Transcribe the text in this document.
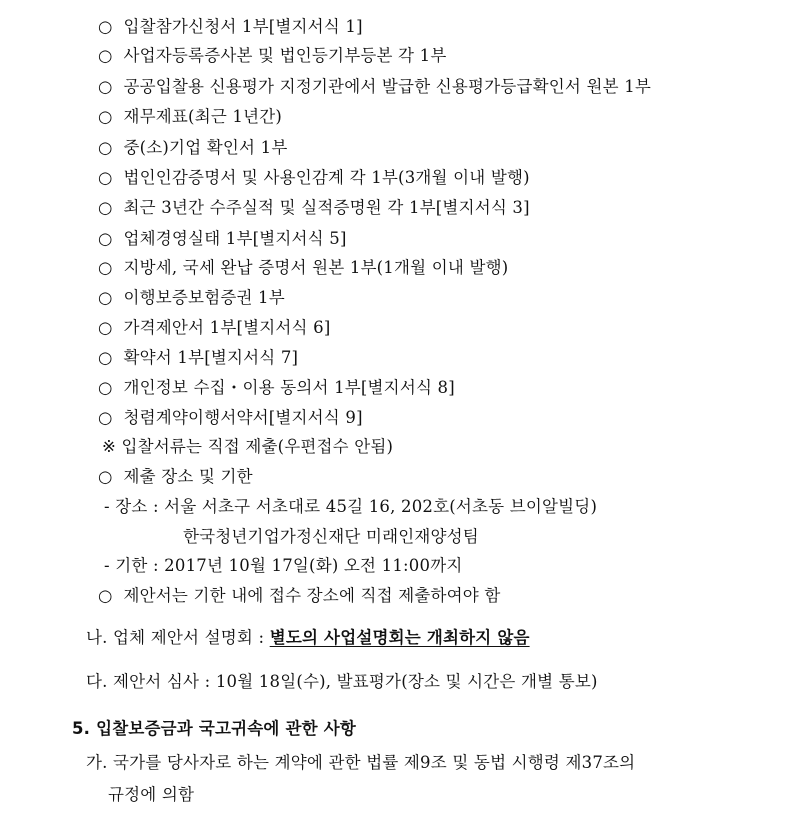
○ 입찰참가신청서 1부[별지서식 1]
○ 사업자등록증사본 및 법인등기부등본 각 1부
○ 공공입찰용 신용평가 지정기관에서 발급한 신용평가등급확인서 원본 1부
○ 재무제표(최근 1년간)
○ 중(소)기업 확인서 1부
○ 법인인감증명서 및 사용인감계 각 1부(3개월 이내 발행)
○ 최근 3년간 수주실적 및 실적증명원 각 1부[별지서식 3]
○ 업체경영실태 1부[별지서식 5]
○ 지방세, 국세 완납 증명서 원본 1부(1개월 이내 발행)
○ 이행보증보험증권 1부
○ 가격제안서 1부[별지서식 6]
○ 확약서 1부[별지서식 7]
○ 개인정보 수집・이용 동의서 1부[별지서식 8]
○ 청렴계약이행서약서[별지서식 9]
※ 입찰서류는 직접 제출(우편접수 안됨)
○ 제출 장소 및 기한
- 장소 : 서울 서초구 서초대로 45길 16, 202호(서초동 브이알빌딩)
한국청년기업가정신재단 미래인재양성팀
- 기한 : 2017년 10월 17일(화) 오전 11:00까지
○ 제안서는 기한 내에 접수 장소에 직접 제출하여야 함
나. 업체 제안서 설명회 : 별도의 사업설명회는 개최하지 않음
다. 제안서 심사 : 10월 18일(수), 발표평가(장소 및 시간은 개별 통보)
5. 입찰보증금과 국고귀속에 관한 사항
가. 국가를 당사자로 하는 계약에 관한 법률 제9조 및 동법 시행령 제37조의
규정에 의함
